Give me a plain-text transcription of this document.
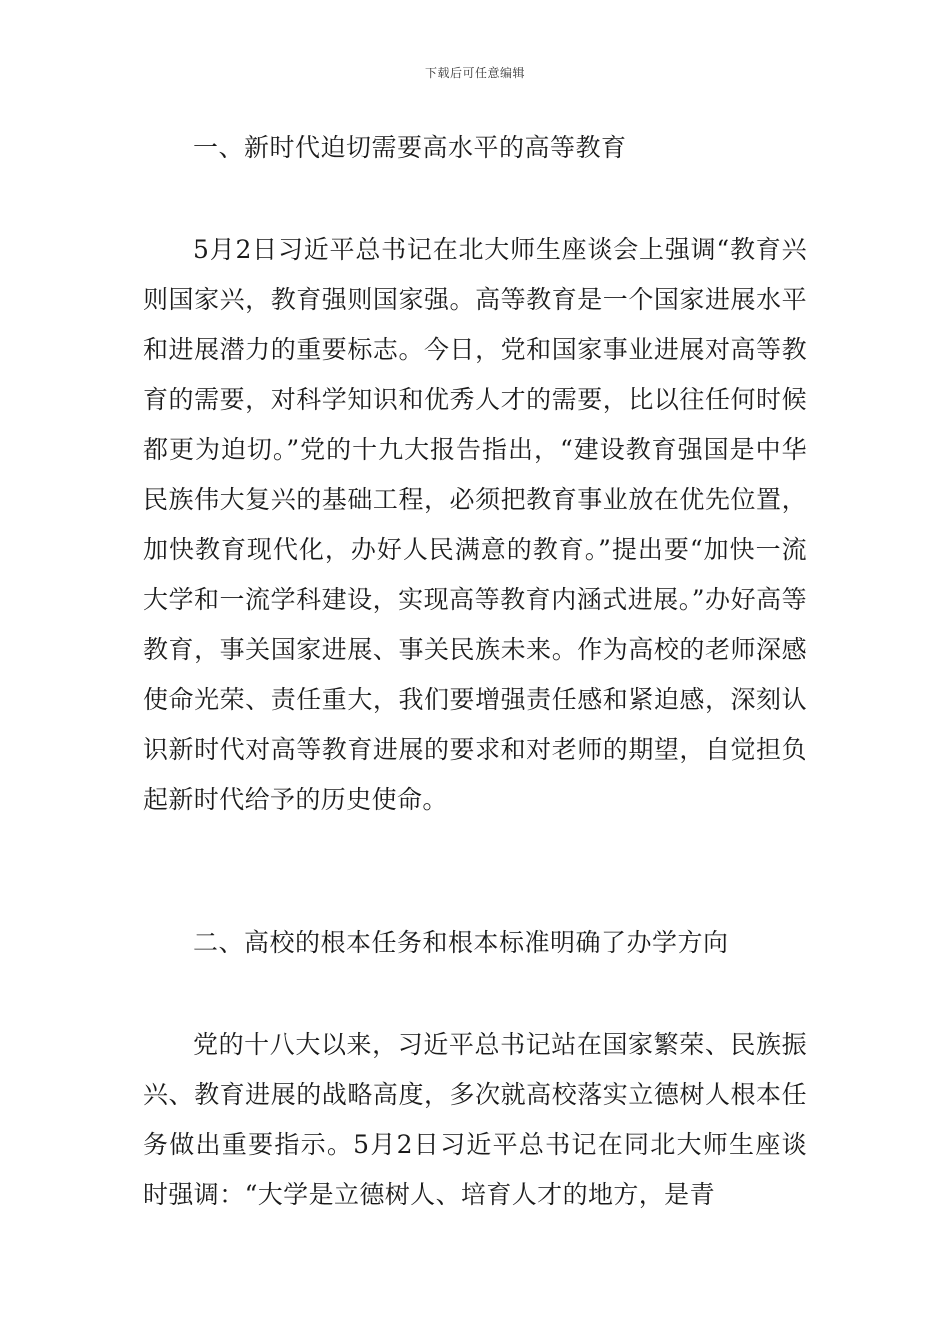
下载后可任意编辑
一、新时代迫切需要高水平的高等教育

5月2日习近平总书记在北大师生座谈会上强调“教育兴则国家兴，教育强则国家强。高等教育是一个国家进展水平和进展潜力的重要标志。今日，党和国家事业进展对高等教育的需要，对科学知识和优秀人才的需要，比以往任何时候都更为迫切。”党的十九大报告指出，“建设教育强国是中华民族伟大复兴的基础工程，必须把教育事业放在优先位置，加快教育现代化，办好人民满意的教育。”提出要“加快一流大学和一流学科建设，实现高等教育内涵式进展。”办好高等教育，事关国家进展、事关民族未来。作为高校的老师深感使命光荣、责任重大，我们要增强责任感和紧迫感，深刻认识新时代对高等教育进展的要求和对老师的期望，自觉担负起新时代给予的历史使命。

二、高校的根本任务和根本标准明确了办学方向

党的十八大以来，习近平总书记站在国家繁荣、民族振兴、教育进展的战略高度，多次就高校落实立德树人根本任务做出重要指示。5月2日习近平总书记在同北大师生座谈时强调：“大学是立德树人、培育人才的地方，是青
